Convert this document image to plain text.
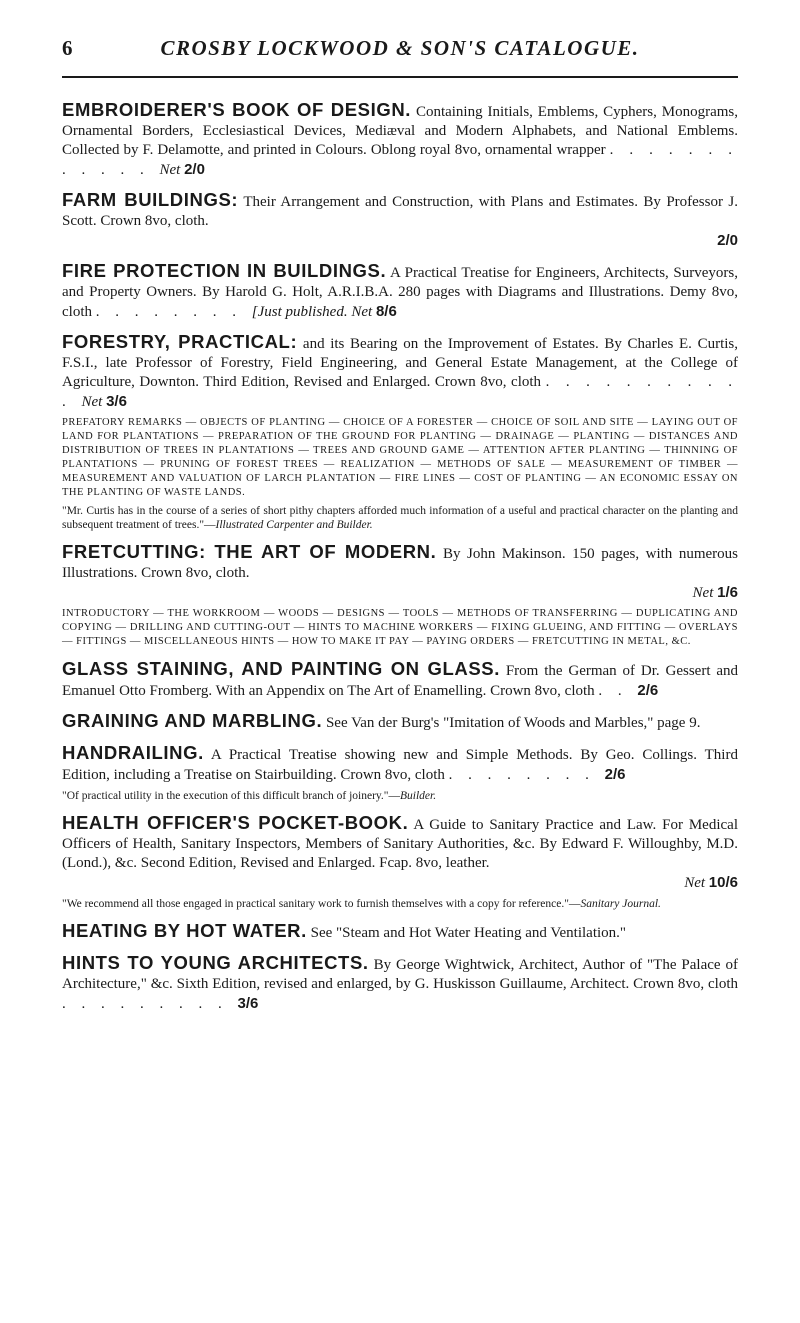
6	CROSBY LOCKWOOD & SON'S CATALOGUE.
EMBROIDERER'S BOOK OF DESIGN. Containing Initials, Emblems, Cyphers, Monograms, Ornamental Borders, Ecclesiastical Devices, Mediæval and Modern Alphabets, and National Emblems. Collected by F. Delamotte, and printed in Colours. Oblong royal 8vo, ornamental wrapper . . . . . . . . . . . . Net 2/0
FARM BUILDINGS: Their Arrangement and Construction, with Plans and Estimates. By Professor J. Scott. Crown 8vo, cloth.
2/0
FIRE PROTECTION IN BUILDINGS. A Practical Treatise for Engineers, Architects, Surveyors, and Property Owners. By Harold G. Holt, A.R.I.B.A. 280 pages with Diagrams and Illustrations. Demy 8vo, cloth . . . . . . . . [Just published. Net 8/6
FORESTRY, PRACTICAL: and its Bearing on the Improvement of Estates. By Charles E. Curtis, F.S.I., late Professor of Forestry, Field Engineering, and General Estate Management, at the College of Agriculture, Downton. Third Edition, Revised and Enlarged. Crown 8vo, cloth . . . . . . . . . . . Net 3/6
PREFATORY REMARKS — OBJECTS OF PLANTING — CHOICE OF A FORESTER — CHOICE OF SOIL AND SITE — LAYING OUT OF LAND FOR PLANTATIONS — PREPARATION OF THE GROUND FOR PLANTING — DRAINAGE — PLANTING — DISTANCES AND DISTRIBUTION OF TREES IN PLANTATIONS — TREES AND GROUND GAME — ATTENTION AFTER PLANTING — THINNING OF PLANTATIONS — PRUNING OF FOREST TREES — REALIZATION — METHODS OF SALE — MEASUREMENT OF TIMBER — MEASUREMENT AND VALUATION OF LARCH PLANTATION — FIRE LINES — COST OF PLANTING — AN ECONOMIC ESSAY ON THE PLANTING OF WASTE LANDS.
"Mr. Curtis has in the course of a series of short pithy chapters afforded much information of a useful and practical character on the planting and subsequent treatment of trees."—Illustrated Carpenter and Builder.
FRETCUTTING: THE ART OF MODERN. By John Makinson. 150 pages, with numerous Illustrations. Crown 8vo, cloth.
Net 1/6
INTRODUCTORY — THE WORKROOM — WOODS — DESIGNS — TOOLS — METHODS OF TRANSFERRING — DUPLICATING AND COPYING — DRILLING AND CUTTING-OUT — HINTS TO MACHINE WORKERS — FIXING GLUEING, AND FITTING — OVERLAYS — FITTINGS — MISCELLANEOUS HINTS — HOW TO MAKE IT PAY — PAYING ORDERS — FRETCUTTING IN METAL, &C.
GLASS STAINING, AND PAINTING ON GLASS. From the German of Dr. Gessert and Emanuel Otto Fromberg. With an Appendix on The Art of Enamelling. Crown 8vo, cloth . . 2/6
GRAINING AND MARBLING. See Van der Burg's "Imitation of Woods and Marbles," page 9.
HANDRAILING. A Practical Treatise showing new and Simple Methods. By Geo. Collings. Third Edition, including a Treatise on Stairbuilding. Crown 8vo, cloth . . . . . . . . 2/6
"Of practical utility in the execution of this difficult branch of joinery."—Builder.
HEALTH OFFICER'S POCKET-BOOK. A Guide to Sanitary Practice and Law. For Medical Officers of Health, Sanitary Inspectors, Members of Sanitary Authorities, &c. By Edward F. Willoughby, M.D. (Lond.), &c. Second Edition, Revised and Enlarged. Fcap. 8vo, leather.
Net 10/6
"We recommend all those engaged in practical sanitary work to furnish themselves with a copy for reference."—Sanitary Journal.
HEATING BY HOT WATER. See "Steam and Hot Water Heating and Ventilation."
HINTS TO YOUNG ARCHITECTS. By George Wightwick, Architect, Author of "The Palace of Architecture," &c. Sixth Edition, revised and enlarged, by G. Huskisson Guillaume, Architect. Crown 8vo, cloth . . . . . . . . . 3/6
